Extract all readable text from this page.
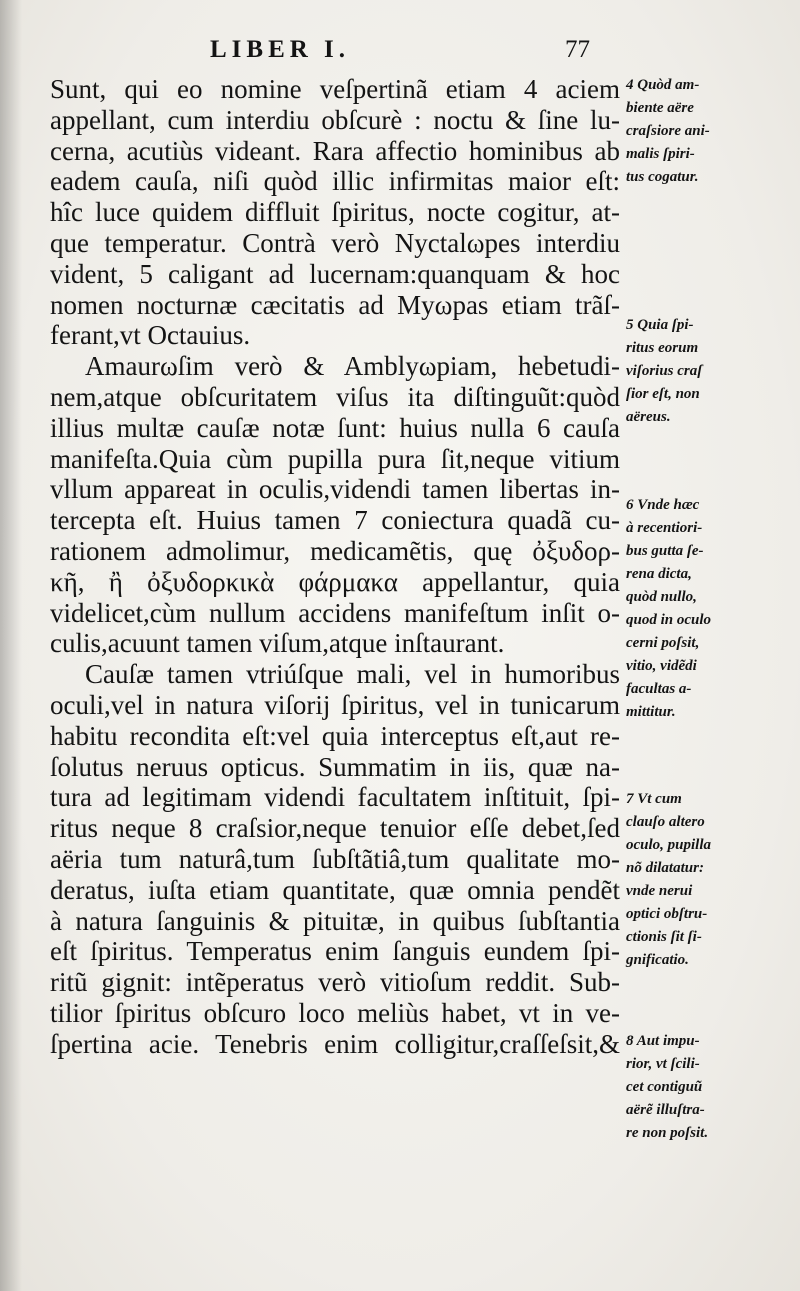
LIBER I.	77
Sunt, qui eo nomine veſpertinã etiam 4 aciem
appellant, cum interdiu obſcurè : noctu & ſine lu-
cerna, acutiùs videant. Rara affectio hominibus ab
eadem cauſa, niſi quòd illic infirmitas maior eſt:
hîc luce quidem diffluit ſpiritus, nocte cogitur, at-
que temperatur. Contrà verò Nyctalωpes interdiu
vident, 5 caligant ad lucernam:quanquam & hoc
nomen nocturnæ cæcitatis ad Myωpas etiam trãſ-
ferant,vt Octauius.
Amaurωſim verò & Amblyωpiam, hebetudi-
nem,atque obſcuritatem viſus ita diſtinguũt:quòd
illius multæ cauſæ notæ ſunt: huius nulla 6 cauſa
manifeſta.Quia cùm pupilla pura ſit,neque vitium
vllum appareat in oculis,videndi tamen libertas in-
tercepta eſt. Huius tamen 7 coniectura quadã cu-
rationem admolimur, medicamẽtis, quę ὀξυδορ-
κῆ, ἢ ὀξυδορκικὰ φάρμακα appellantur, quia
videlicet,cùm nullum accidens manifeſtum inſit o-
culis,acuunt tamen viſum,atque inſtaurant.
Cauſæ tamen vtriúſque mali, vel in humoribus
oculi,vel in natura viſorij ſpiritus, vel in tunicarum
habitu recondita eſt:vel quia interceptus eſt,aut re-
ſolutus neruus opticus. Summatim in iis, quæ na-
tura ad legitimam videndi facultatem inſtituit, ſpi-
ritus neque 8 craſsior,neque tenuior eſſe debet,ſed
aëria tum naturâ,tum ſubſtãtiâ,tum qualitate mo-
deratus, iuſta etiam quantitate, quæ omnia pendẽt
à natura ſanguinis & pituitæ, in quibus ſubſtantia
eſt ſpiritus. Temperatus enim ſanguis eundem ſpi-
ritũ gignit: intẽperatus verò vitioſum reddit. Sub-
tilior ſpiritus obſcuro loco meliùs habet, vt in ve-
ſpertina acie. Tenebris enim colligitur,craſſeſsit,&
4 Quòd am-
biente aëre
craſsiore ani-
malis ſpiri-
tus cogatur.
5 Quia ſpi-
ritus eorum
viſorius craſ
ſior eſt, non
aëreus.
6 Vnde hæc
à recentiori-
bus gutta ſe-
rena dicta,
quòd nullo,
quod in oculo
cerni poſsit,
vitio, vidẽdi
facultas a-
mittitur.
7 Vt cum
clauſo altero
oculo, pupilla
nõ dilatatur:
vnde nerui
optici obſtru-
ctionis ſit ſi-
gnificatio.
8 Aut impu-
rior, vt ſcili-
cet contiguũ
aërẽ illuſtra-
re non poſsit.
